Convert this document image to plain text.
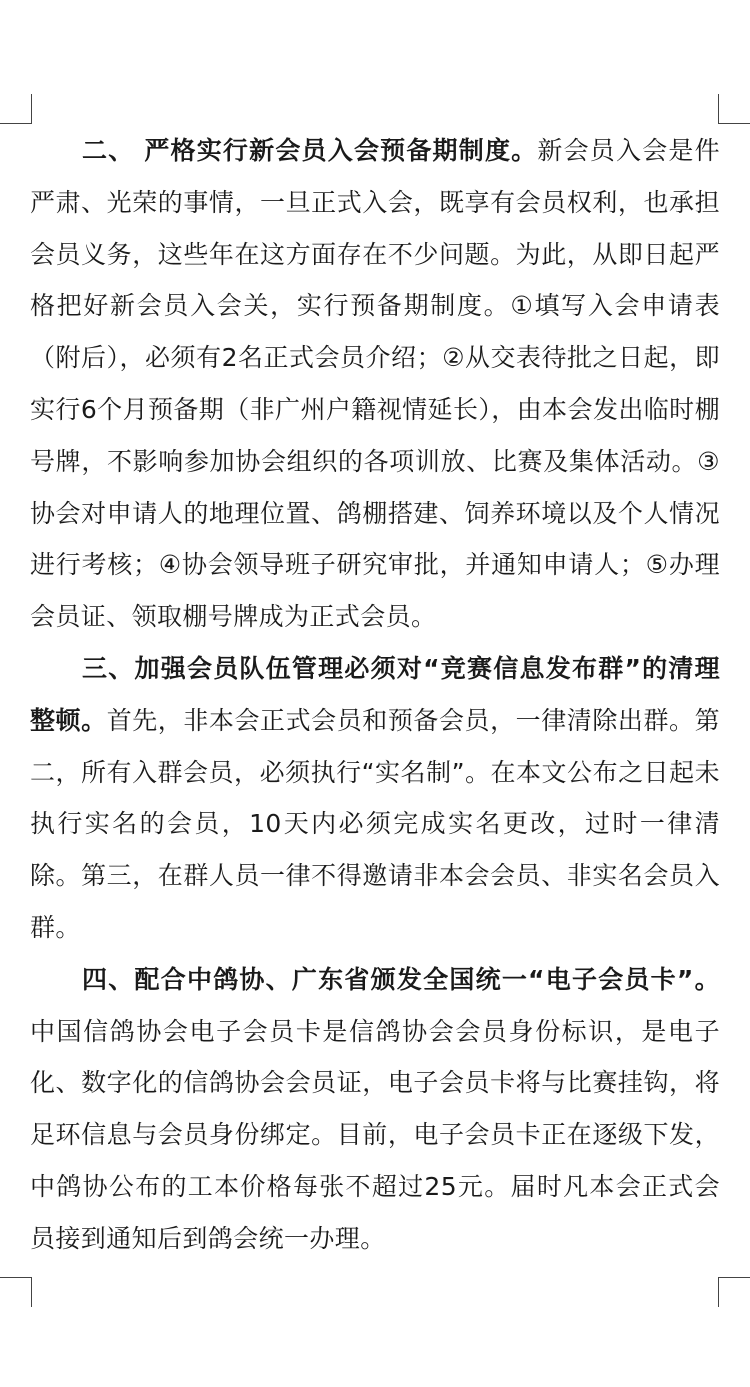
二、 严格实行新会员入会预备期制度。新会员入会是件严肃、光荣的事情，一旦正式入会，既享有会员权利，也承担会员义务，这些年在这方面存在不少问题。为此，从即日起严格把好新会员入会关，实行预备期制度。①填写入会申请表（附后），必须有2名正式会员介绍；②从交表待批之日起，即实行6个月预备期（非广州户籍视情延长），由本会发出临时棚号牌，不影响参加协会组织的各项训放、比赛及集体活动。③协会对申请人的地理位置、鸽棚搭建、饲养环境以及个人情况进行考核；④协会领导班子研究审批，并通知申请人；⑤办理会员证、领取棚号牌成为正式会员。

三、加强会员队伍管理必须对“竞赛信息发布群”的清理整顿。首先，非本会正式会员和预备会员，一律清除出群。第二，所有入群会员，必须执行“实名制”。在本文公布之日起未执行实名的会员，10天内必须完成实名更改，过时一律清除。第三，在群人员一律不得邀请非本会会员、非实名会员入群。

四、配合中鸽协、广东省颁发全国统一“电子会员卡”。中国信鸽协会电子会员卡是信鸽协会会员身份标识，是电子化、数字化的信鸽协会会员证，电子会员卡将与比赛挂钩，将足环信息与会员身份绑定。目前，电子会员卡正在逐级下发，中鸽协公布的工本价格每张不超过25元。届时凡本会正式会员接到通知后到鸽会统一办理。
